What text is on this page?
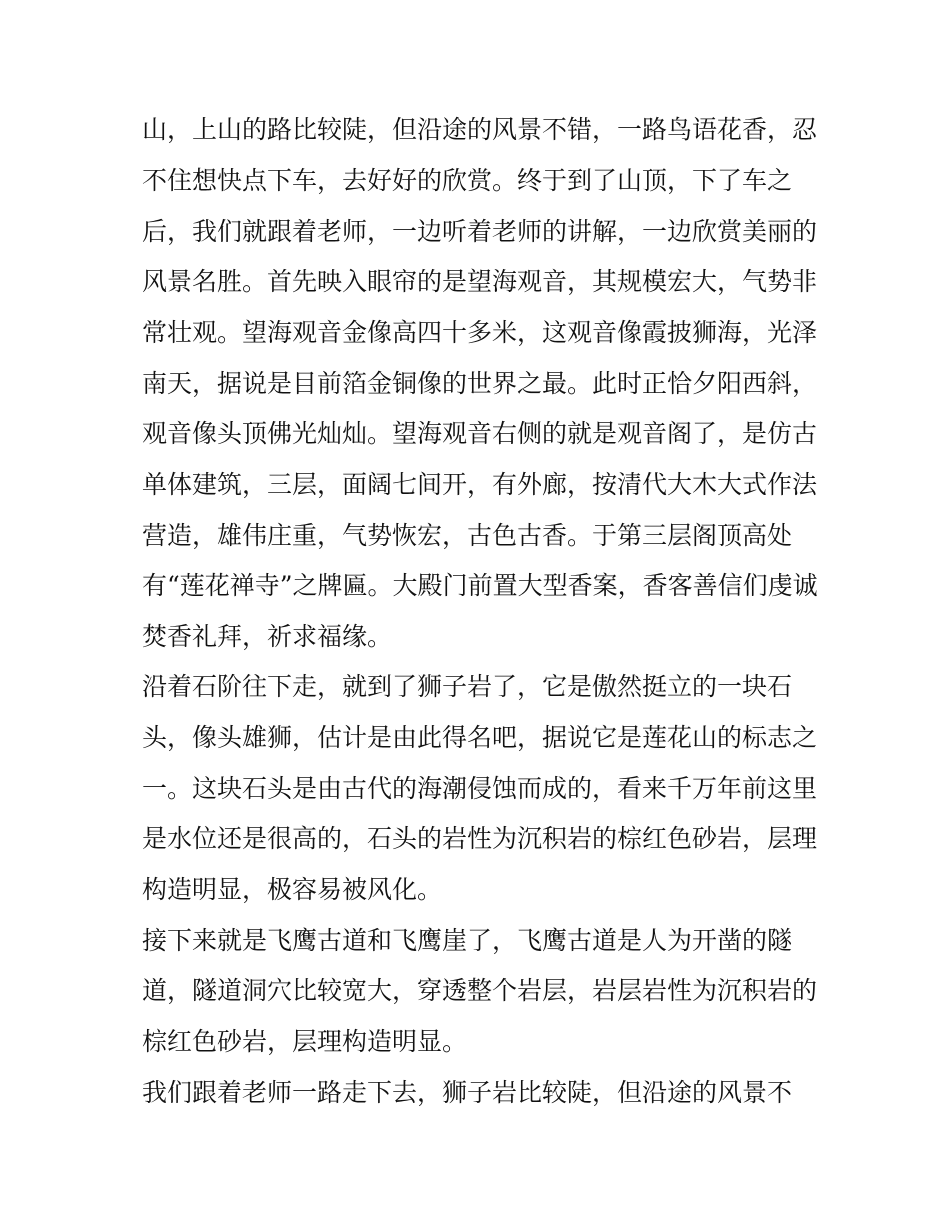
山，上山的路比较陡，但沿途的风景不错，一路鸟语花香，忍
不住想快点下车，去好好的欣赏。终于到了山顶，下了车之
后，我们就跟着老师，一边听着老师的讲解，一边欣赏美丽的
风景名胜。首先映入眼帘的是望海观音，其规模宏大，气势非
常壮观。望海观音金像高四十多米，这观音像霞披狮海，光泽
南天，据说是目前箔金铜像的世界之最。此时正恰夕阳西斜，
观音像头顶佛光灿灿。望海观音右侧的就是观音阁了，是仿古
单体建筑，三层，面阔七间开，有外廊，按清代大木大式作法
营造，雄伟庄重，气势恢宏，古色古香。于第三层阁顶高处
有“莲花禅寺”之牌匾。大殿门前置大型香案，香客善信们虔诚
焚香礼拜，祈求福缘。
沿着石阶往下走，就到了狮子岩了，它是傲然挺立的一块石
头，像头雄狮，估计是由此得名吧，据说它是莲花山的标志之
一。这块石头是由古代的海潮侵蚀而成的，看来千万年前这里
是水位还是很高的，石头的岩性为沉积岩的棕红色砂岩，层理
构造明显，极容易被风化。
接下来就是飞鹰古道和飞鹰崖了，飞鹰古道是人为开凿的隧
道，隧道洞穴比较宽大，穿透整个岩层，岩层岩性为沉积岩的
棕红色砂岩，层理构造明显。
我们跟着老师一路走下去，狮子岩比较陡，但沿途的风景不
